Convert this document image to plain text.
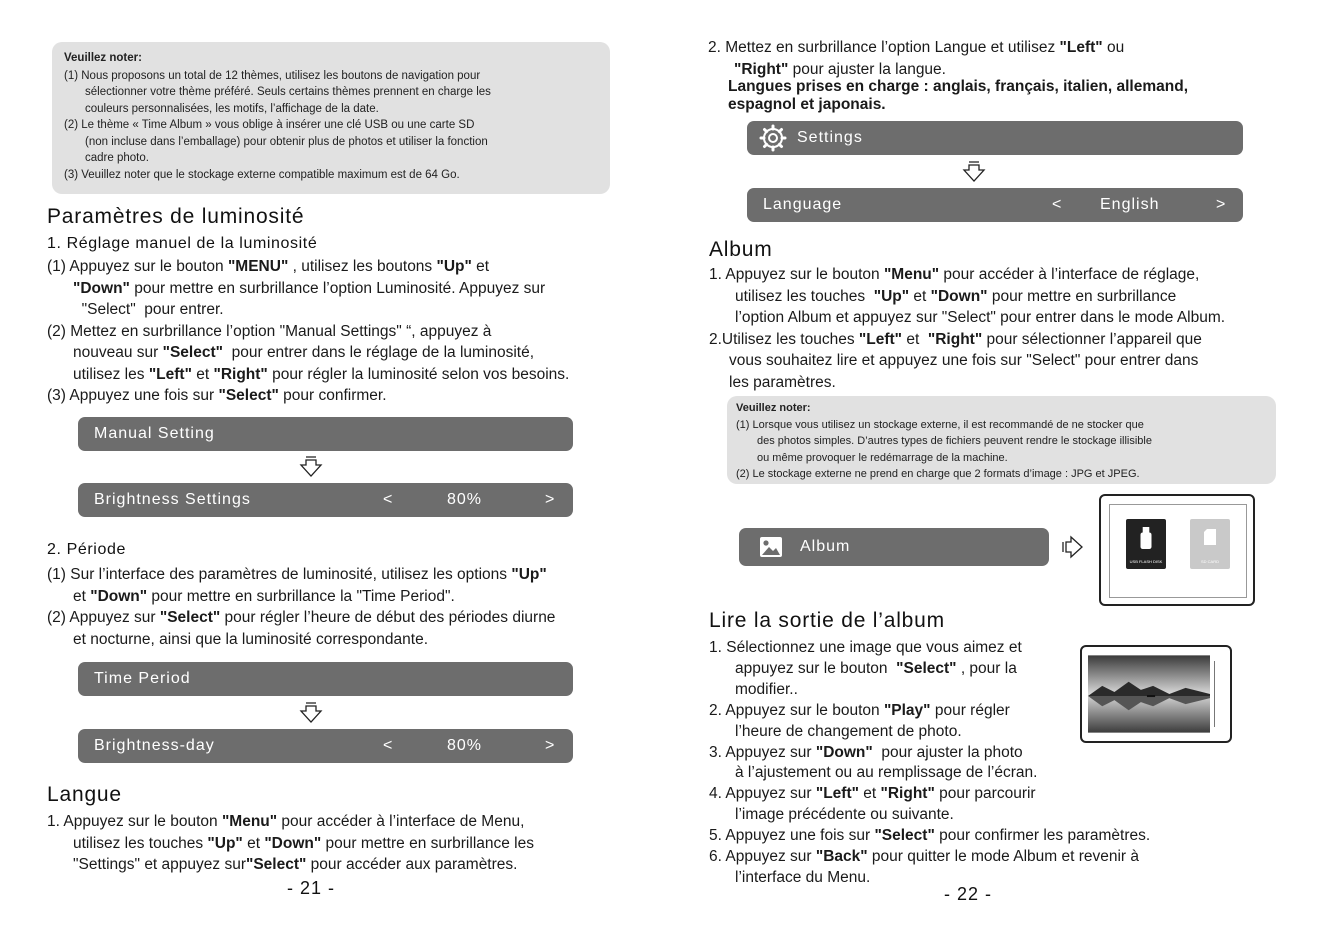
Veuillez noter:
(1) Nous proposons un total de 12 thèmes, utilisez les boutons de navigation pour
sélectionner votre thème préféré. Seuls certains thèmes prennent en charge les
couleurs personnalisées, les motifs, l’affichage de la date.
(2) Le thème « Time Album » vous oblige à insérer une clé USB ou une carte SD
(non incluse dans l’emballage) pour obtenir plus de photos et utiliser la fonction
cadre photo.
(3) Veuillez noter que le stockage externe compatible maximum est de 64 Go.
Paramètres de luminosité
1. Réglage manuel de la luminosité
(1) Appuyez sur le bouton "MENU" , utilisez les boutons "Up" et
"Down" pour mettre en surbrillance l’option Luminosité. Appuyez sur
"Select"  pour entrer.
(2) Mettez en surbrillance l’option "Manual Settings" “, appuyez à
nouveau sur "Select"  pour entrer dans le réglage de la luminosité,
utilisez les "Left" et "Right" pour régler la luminosité selon vos besoins.
(3) Appuyez une fois sur "Select" pour confirmer.
Manual Setting	✓
Brightness Settings	<	80%	>
2. Période
(1) Sur l’interface des paramètres de luminosité, utilisez les options "Up"
et "Down" pour mettre en surbrillance la "Time Period".
(2) Appuyez sur "Select" pour régler l’heure de début des périodes diurne
et nocturne, ainsi que la luminosité correspondante.
Time Period
Brightness-day	<	80%	>
Langue
1. Appuyez sur le bouton "Menu" pour accéder à l’interface de Menu,
utilisez les touches "Up" et "Down" pour mettre en surbrillance les
"Settings" et appuyez sur"Select" pour accéder aux paramètres.
- 21 -
2. Mettez en surbrillance l’option Langue et utilisez "Left" ou
"Right" pour ajuster la langue.
Langues prises en charge : anglais, français, italien, allemand,
espagnol et japonais.
Settings
Language	< English	>
Album
1. Appuyez sur le bouton "Menu" pour accéder à l’interface de réglage,
utilisez les touches  "Up" et "Down" pour mettre en surbrillance
l’option Album et appuyez sur "Select" pour entrer dans le mode Album.
2.Utilisez les touches "Left" et  "Right" pour sélectionner l’appareil que
vous souhaitez lire et appuyez une fois sur "Select" pour entrer dans
les paramètres.
Veuillez noter:
(1) Lorsque vous utilisez un stockage externe, il est recommandé de ne stocker que
des photos simples. D’autres types de fichiers peuvent rendre le stockage illisible
ou même provoquer le redémarrage de la machine.
(2) Le stockage externe ne prend en charge que 2 formats d’image : JPG et JPEG.
Album
USB FLASH DISK	SD CARD
Lire la sortie de l’album
1. Sélectionnez une image que vous aimez et
appuyez sur le bouton  "Select" , pour la
modifier..
2. Appuyez sur le bouton "Play" pour régler
l’heure de changement de photo.
3. Appuyez sur "Down"  pour ajuster la photo
à l’ajustement ou au remplissage de l’écran.
4. Appuyez sur "Left" et "Right" pour parcourir
l’image précédente ou suivante.
5. Appuyez une fois sur "Select" pour confirmer les paramètres.
6. Appuyez sur "Back" pour quitter le mode Album et revenir à
l’interface du Menu.
- 22 -
